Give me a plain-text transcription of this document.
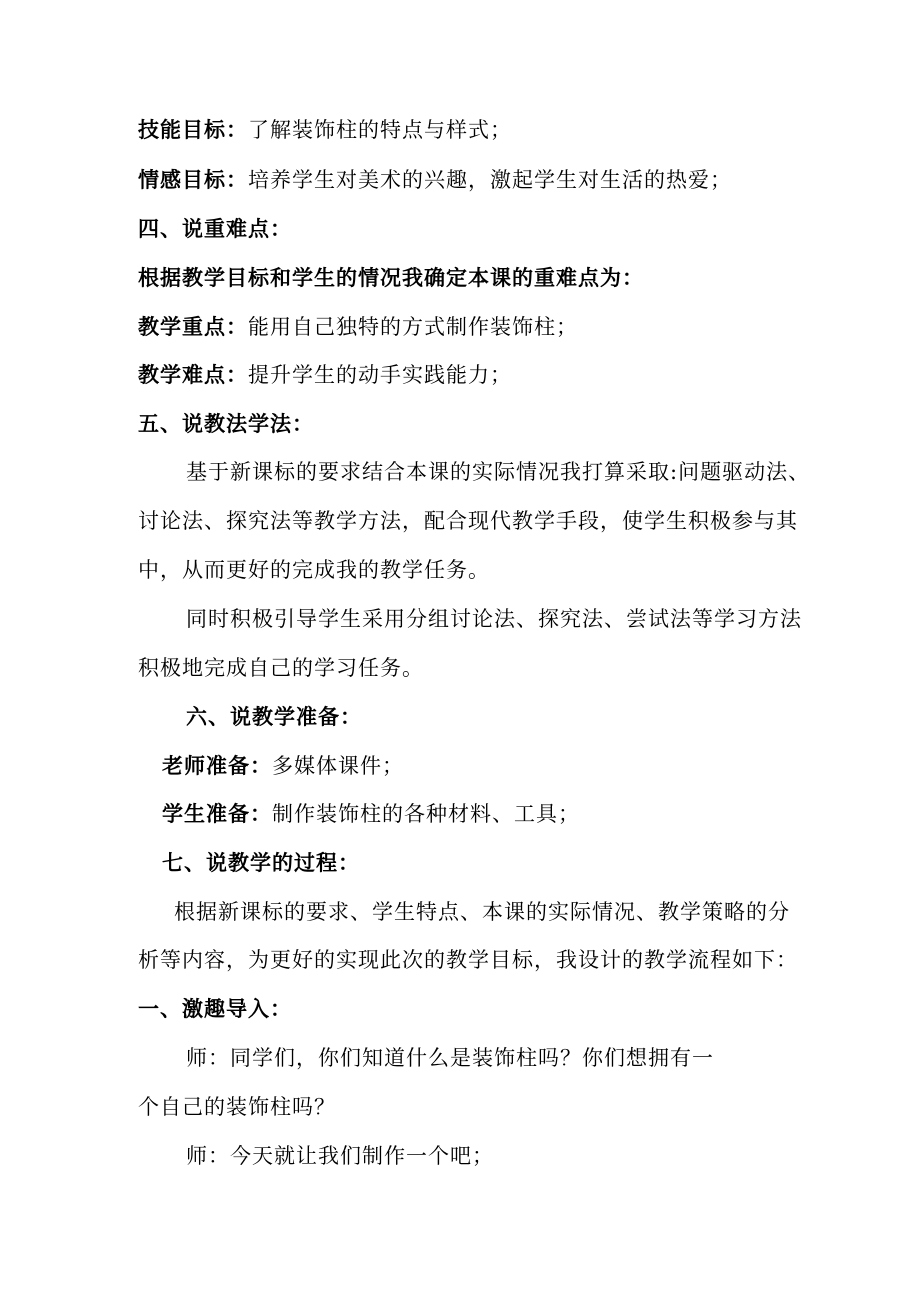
技能目标：了解装饰柱的特点与样式；
情感目标：培养学生对美术的兴趣，激起学生对生活的热爱；
四、说重难点：
根据教学目标和学生的情况我确定本课的重难点为：
教学重点：能用自己独特的方式制作装饰柱；
教学难点：提升学生的动手实践能力；
五、说教法学法：
基于新课标的要求结合本课的实际情况我打算采取:问题驱动法、
讨论法、探究法等教学方法，配合现代教学手段，使学生积极参与其
中，从而更好的完成我的教学任务。
同时积极引导学生采用分组讨论法、探究法、尝试法等学习方法
积极地完成自己的学习任务。
六、说教学准备：
老师准备：多媒体课件；
学生准备：制作装饰柱的各种材料、工具；
七、说教学的过程：
根据新课标的要求、学生特点、本课的实际情况、教学策略的分
析等内容，为更好的实现此次的教学目标，我设计的教学流程如下：
一、激趣导入：
师：同学们，你们知道什么是装饰柱吗？你们想拥有一
个自己的装饰柱吗？
师：今天就让我们制作一个吧；
